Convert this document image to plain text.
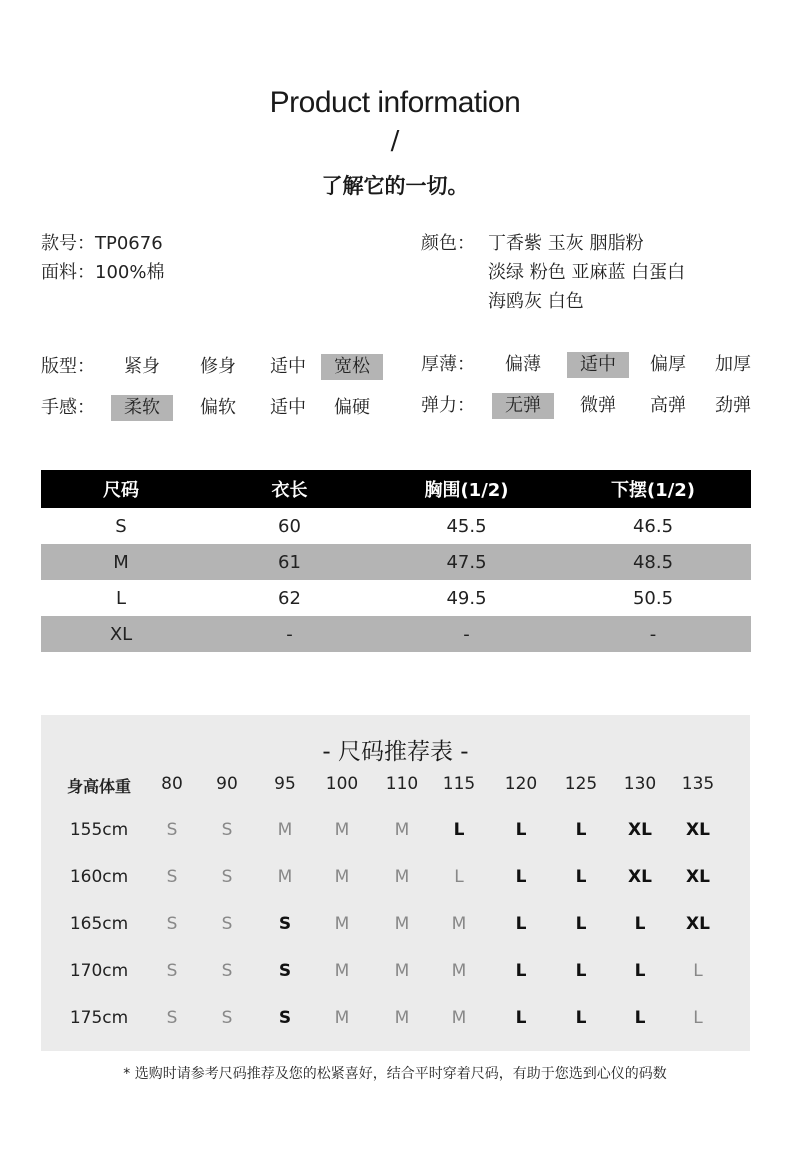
Product information
/
了解它的一切。
款号：TP0676
面料：100%棉
颜色： 丁香紫 玉灰 胭脂粉
淡绿 粉色 亚麻蓝 白蛋白
海鸥灰 白色
版型：	紧身	修身	适中	宽松
手感：	柔软	偏软	适中	偏硬
厚薄：	偏薄	适中	偏厚	加厚
弹力：	无弹	微弹	高弹	劲弹
尺码	衣长	胸围(1/2)	下摆(1/2)
S	60	45.5	46.5
M	61	47.5	48.5
L	62	49.5	50.5
XL	-	-	-
- 尺码推荐表 -
身高体重	80	90	95	100	110	115	120	125	130	135
155cm	S	S	M	M	M	L	L	L	XL	XL
160cm	S	S	M	M	M	L	L	L	XL	XL
165cm	S	S	S	M	M	M	L	L	L	XL
170cm	S	S	S	M	M	M	L	L	L	L
175cm	S	S	S	M	M	M	L	L	L	L
* 选购时请参考尺码推荐及您的松紧喜好，结合平时穿着尺码，有助于您选到心仪的码数
